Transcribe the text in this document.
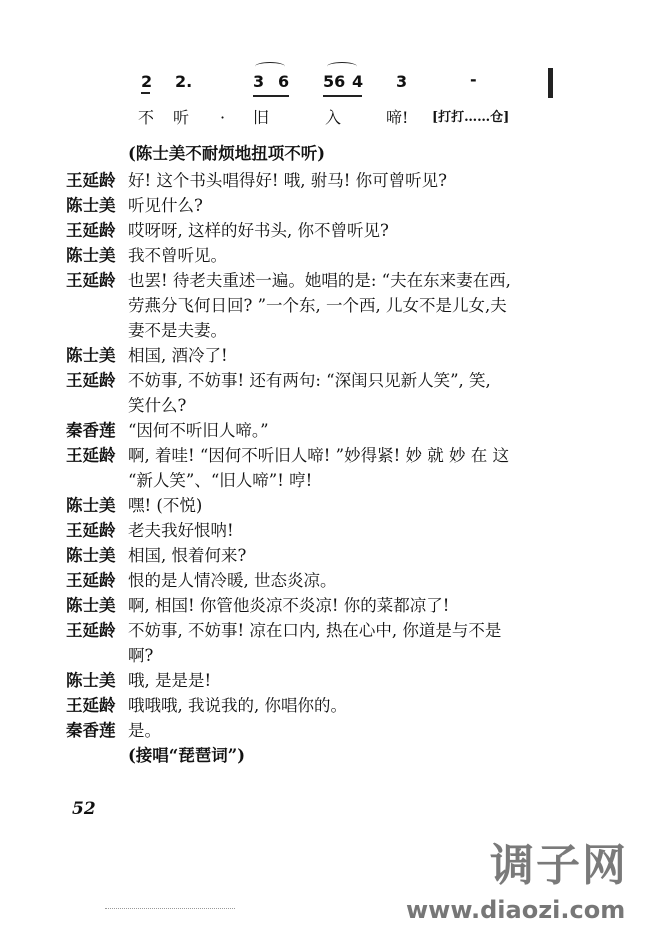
2 2.	3 6 56 4 3	-
不 听 · 旧	入	啼! [打打……仓]
(陈士美不耐烦地扭项不听)
王延龄 好! 这个书头唱得好! 哦, 驸马! 你可曾听见?
陈士美 听见什么?
王延龄 哎呀呀, 这样的好书头, 你不曾听见?
陈士美 我不曾听见。
王延龄 也罢! 待老夫重述一遍。她唱的是: “夫在东来妻在西,
劳燕分飞何日回? ”一个东, 一个西, 儿女不是儿女,夫
妻不是夫妻。
陈士美 相国, 酒冷了!
王延龄 不妨事, 不妨事! 还有两句: “深闺只见新人笑”, 笑,
笑什么?
秦香莲 “因何不听旧人啼。”
王延龄 啊, 着哇! “因何不听旧人啼! ”妙得紧! 妙 就 妙 在 这
“新人笑”、“旧人啼”! 哼!
陈士美 嘿! (不悦)
王延龄 老夫我好恨呐!
陈士美 相国, 恨着何来?
王延龄 恨的是人情冷暖, 世态炎凉。
陈士美 啊, 相国! 你管他炎凉不炎凉! 你的菜都凉了!
王延龄 不妨事, 不妨事! 凉在口内, 热在心中, 你道是与不是
啊?
陈士美 哦, 是是是!
王延龄 哦哦哦, 我说我的, 你唱你的。
秦香莲 是。
(接唱“琵琶词”)
52
调子网
www.diaozi.com
